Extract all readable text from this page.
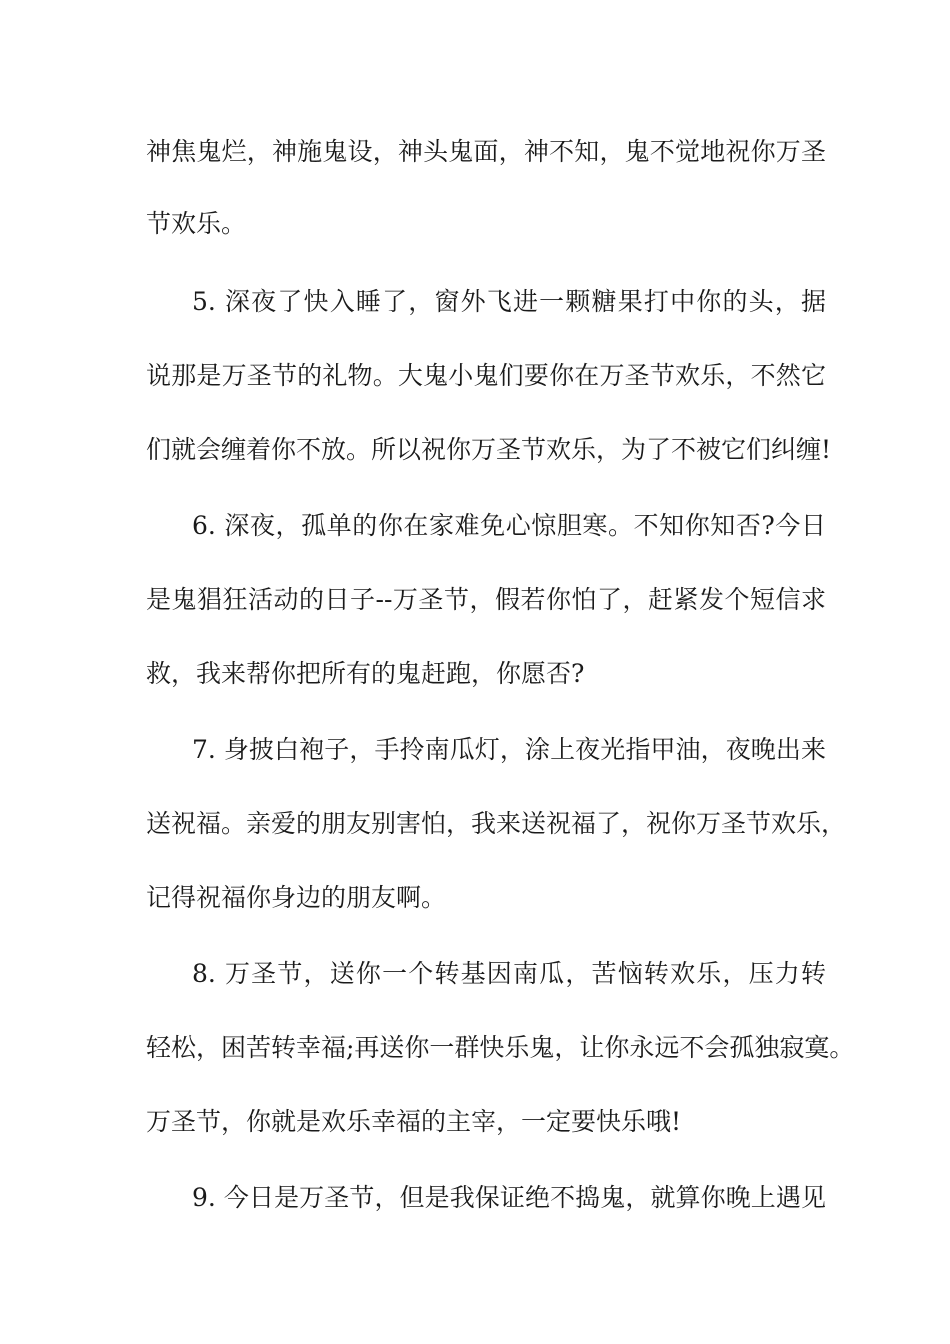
神焦鬼烂，神施鬼设，神头鬼面，神不知，鬼不觉地祝你万圣
节欢乐。
5. 深夜了快入睡了，窗外飞进一颗糖果打中你的头，据
说那是万圣节的礼物。大鬼小鬼们要你在万圣节欢乐，不然它
们就会缠着你不放。所以祝你万圣节欢乐，为了不被它们纠缠!
6. 深夜，孤单的你在家难免心惊胆寒。不知你知否?今日
是鬼猖狂活动的日子--万圣节，假若你怕了，赶紧发个短信求
救，我来帮你把所有的鬼赶跑，你愿否?
7. 身披白袍子，手拎南瓜灯，涂上夜光指甲油，夜晚出来
送祝福。亲爱的朋友别害怕，我来送祝福了，祝你万圣节欢乐，
记得祝福你身边的朋友啊。
8. 万圣节，送你一个转基因南瓜，苦恼转欢乐，压力转
轻松，困苦转幸福;再送你一群快乐鬼，让你永远不会孤独寂寞。
万圣节，你就是欢乐幸福的主宰，一定要快乐哦!
9. 今日是万圣节，但是我保证绝不捣鬼，就算你晚上遇见
